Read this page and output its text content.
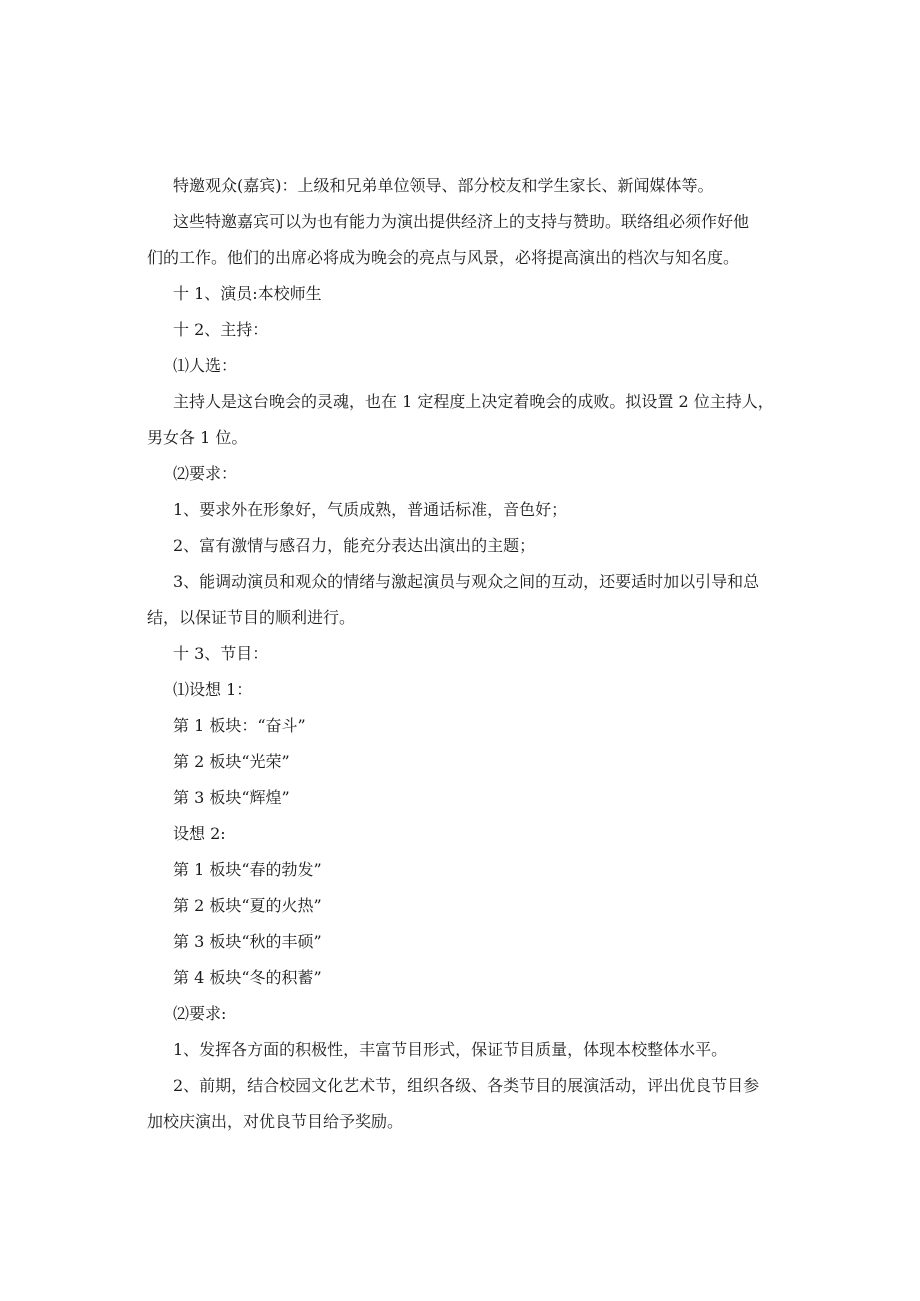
特邀观众(嘉宾)：上级和兄弟单位领导、部分校友和学生家长、新闻媒体等。

这些特邀嘉宾可以为也有能力为演出提供经济上的支持与赞助。联络组必须作好他

们的工作。他们的出席必将成为晚会的亮点与风景，必将提高演出的档次与知名度。

十 1、演员:本校师生

十 2、主持：

⑴人选：

主持人是这台晚会的灵魂，也在 1 定程度上决定着晚会的成败。拟设置 2 位主持人，

男女各 1 位。

⑵要求：

1、要求外在形象好，气质成熟，普通话标准，音色好；

2、富有激情与感召力，能充分表达出演出的主题；

3、能调动演员和观众的情绪与激起演员与观众之间的互动，还要适时加以引导和总

结，以保证节目的顺利进行。

十 3、节目：

⑴设想 1：

第 1 板块：“奋斗”

第 2 板块“光荣”

第 3 板块“辉煌”

设想 2:

第 1 板块“春的勃发”

第 2 板块“夏的火热”

第 3 板块“秋的丰硕”

第 4 板块“冬的积蓄”

⑵要求:

1、发挥各方面的积极性，丰富节目形式，保证节目质量，体现本校整体水平。

2、前期，结合校园文化艺术节，组织各级、各类节目的展演活动，评出优良节目参

加校庆演出，对优良节目给予奖励。
